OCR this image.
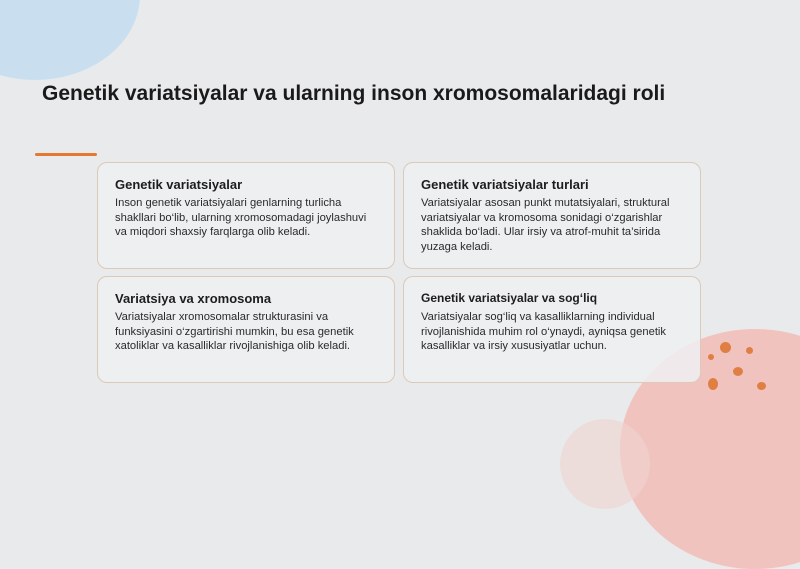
Genetik variatsiyalar va ularning inson xromosomalaridagi roli

Genetik variatsiyalar

Inson genetik variatsiyalari genlarning turlicha shakllari bo‘lib, ularning xromosomadagi joylashuvi va miqdori shaxsiy farqlarga olib keladi.

Genetik variatsiyalar turlari

Variatsiyalar asosan punkt mutatsiyalari, struktural variatsiyalar va kromosoma sonidagi o‘zgarishlar shaklida bo‘ladi. Ular irsiy va atrof-muhit ta’sirida yuzaga keladi.

Variatsiya va xromosoma

Variatsiyalar xromosomalar strukturasini va funksiyasini o‘zgartirishi mumkin, bu esa genetik xatoliklar va kasalliklar rivojlanishiga olib keladi.

Genetik variatsiyalar va sog‘liq

Variatsiyalar sog‘liq va kasalliklarning individual rivojlanishida muhim rol o‘ynaydi, ayniqsa genetik kasalliklar va irsiy xususiyatlar uchun.
